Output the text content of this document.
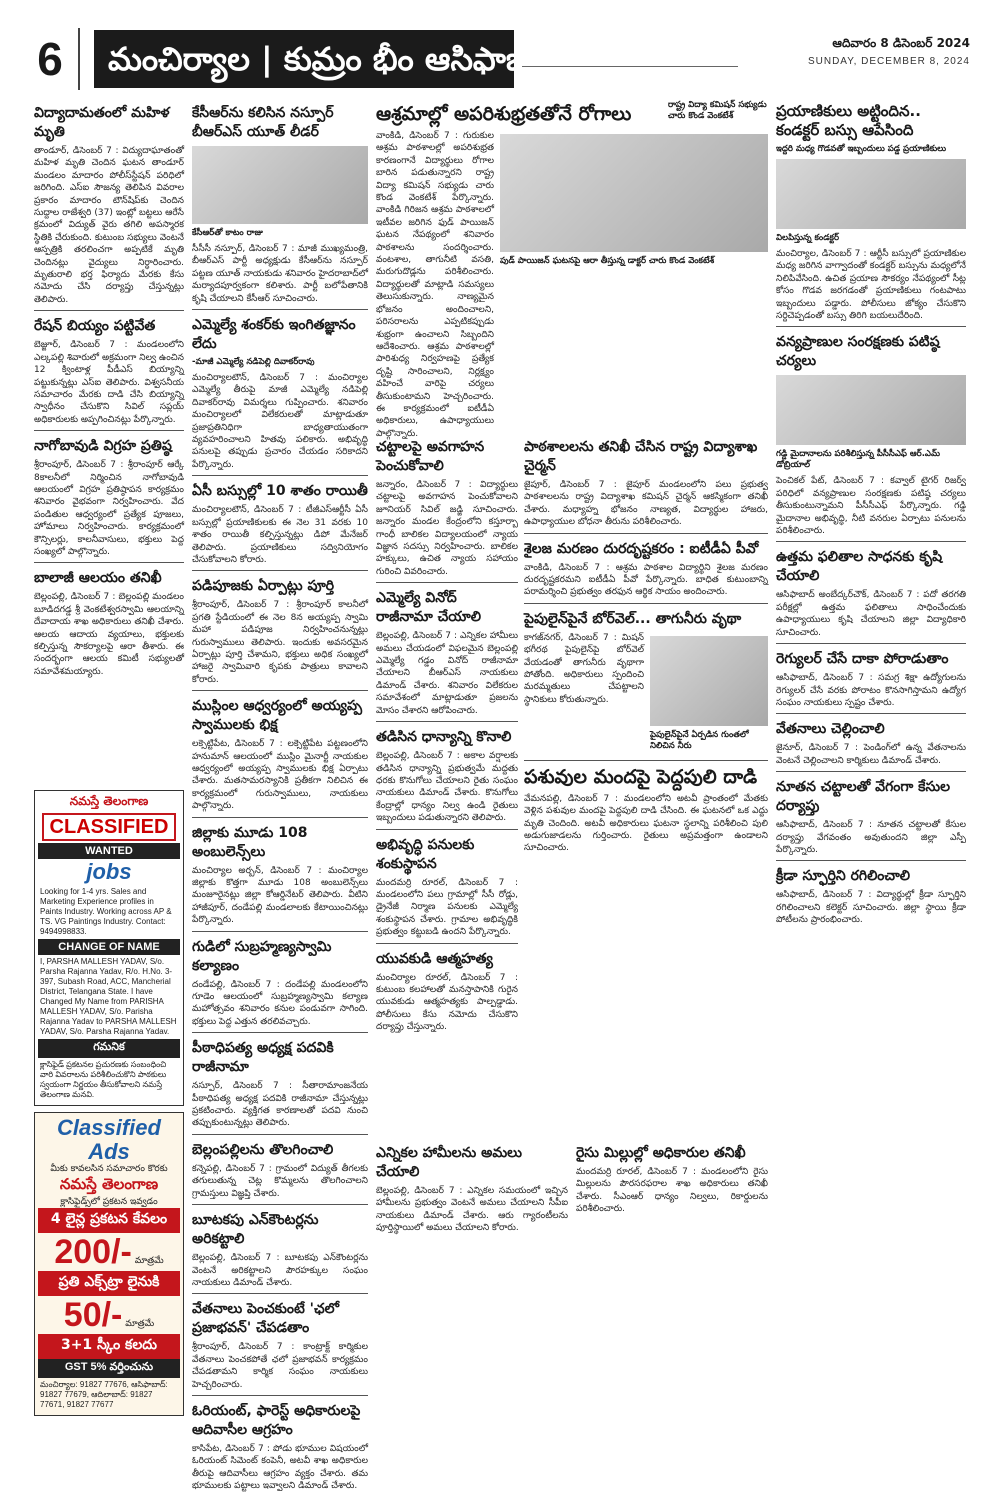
6	మంచిర్యాల | కుమ్రం భీం ఆసిఫాబాద్	ఆదివారం 8 డిసెంబర్ 2024
SUNDAY, DECEMBER 8, 2024
విద్యాదామతంలో మహిళ మృతి
తాండూర్, డిసెంబర్ 7 : విద్యుదాఘాతంతో మహిళ మృతి చెందిన ఘటన తాండూర్ మండలం మాదారం పోలీస్‌స్టేషన్ పరిధిలో జరిగింది. ఎస్ఐ సౌజన్య తెలిపిన వివరాల ప్రకారం మాదారం టౌన్‌షిప్‌కు చెందిన సుద్దాల రాజేశ్వరి (37) ఇంట్లో బట్టలు ఆరేసే క్రమంలో విద్యుత్ వైరు తగిలి అపస్మారక స్థితికి చేరుకుంది. కుటుంబ సభ్యులు వెంటనే ఆస్పత్రికి తరలించగా అప్పటికే మృతి చెందినట్లు వైద్యులు నిర్ధారించారు. మృతురాలి భర్త ఫిర్యాదు మేరకు కేసు నమోదు చేసి దర్యాప్తు చేస్తున్నట్లు తెలిపారు.
రేషన్ బియ్యం పట్టివేత
బెజ్జూర్, డిసెంబర్ 7 : మండలంలోని ఎల్కపల్లి శివారులో అక్రమంగా నిల్వ ఉంచిన 12 క్వింటాళ్ల పీడీఎస్ బియ్యాన్ని పట్టుకున్నట్లు ఎస్ఐ తెలిపారు. విశ్వసనీయ సమాచారం మేరకు దాడి చేసి బియ్యాన్ని స్వాధీనం చేసుకొని సివిల్ సప్లయ్ అధికారులకు అప్పగించినట్లు పేర్కొన్నారు.
నాగోబావుడి విగ్రహ ప్రతిష్ఠ
శ్రీరాంపూర్, డిసెంబర్ 7 : శ్రీరాంపూర్ ఆర్కే 8కాలనీలో నిర్మించిన నాగోబావుడి ఆలయంలో విగ్రహ ప్రతిష్ఠాపన కార్యక్రమం శనివారం వైభవంగా నిర్వహించారు. వేద పండితుల ఆధ్వర్యంలో ప్రత్యేక పూజలు, హోమాలు నిర్వహించారు. కార్యక్రమంలో కౌన్సిలర్లు, కాలనీవాసులు, భక్తులు పెద్ద సంఖ్యలో పాల్గొన్నారు.
బాలాజీ ఆలయం తనిఖీ
బెల్లంపల్లి, డిసెంబర్ 7 : బెల్లంపల్లి మండలం బూడిదగడ్డ శ్రీ వెంకటేశ్వరస్వామి ఆలయాన్ని దేవాదాయ శాఖ అధికారులు తనిఖీ చేశారు. ఆలయ ఆదాయ వ్యయాలు, భక్తులకు కల్పిస్తున్న సౌకర్యాలపై ఆరా తీశారు. ఈ సందర్భంగా ఆలయ కమిటీ సభ్యులతో సమావేశమయ్యారు.
నమస్తే తెలంగాణ
CLASSIFIED
WANTED
jobs
Looking for 1-4 yrs. Sales and Marketing Experience profiles in Paints Industry. Working across AP & TS. VG Paintings Industry. Contact: 9494998833.
CHANGE OF NAME
I, PARSHA MALLESH YADAV, S/o. Parsha Rajanna Yadav, R/o. H.No. 3-397, Subash Road, ACC, Mancherial District, Telangana State. I have Changed My Name from PARISHA MALLESH YADAV, S/o. Parisha Rajanna Yadav to PARSHA MALLESH YADAV, S/o. Parsha Rajanna Yadav.
గమనిక
క్లాసిఫైడ్ ప్రకటనల ప్రచురణకు సంబంధించి వారి వివరాలను పరిశీలించుకొని పాఠకులు స్వయంగా నిర్ణయం తీసుకోవాలని నమస్తే తెలంగాణ మనవి.
Classified Ads
మీకు కావలసిన సమాచారం కొరకు
నమస్తే తెలంగాణ
క్లాసిఫైడ్స్‌లో ప్రకటన ఇవ్వడం
4 లైన్ల ప్రకటన కేవలం
200/- మాత్రమే
ప్రతి ఎక్స్‌ట్రా లైనుకి
50/- మాత్రమే
3+1 స్కీం కలదు
GST 5% వర్తించును
మంచిర్యాల: 91827 77676, ఆసిఫాబాద్: 91827 77679, ఆదిలాబాద్: 91827 77671, 91827 77677
కేసీఆర్‌ను కలిసిన నస్పూర్ బీఆర్ఎస్ యూత్ లీడర్
కేసీఆర్‌తో కాటం రాజు
సీసీసీ నస్పూర్, డిసెంబర్ 7 : మాజీ ముఖ్యమంత్రి, బీఆర్ఎస్ పార్టీ అధ్యక్షుడు కేసీఆర్‌ను నస్పూర్ పట్టణ యూత్ నాయకుడు శనివారం హైదరాబాద్‌లో మర్యాదపూర్వకంగా కలిశారు. పార్టీ బలోపేతానికి కృషి చేయాలని కేసీఆర్ సూచించారు.
ఎమ్మెల్యే శంకర్‌కు ఇంగితజ్ఞానం లేదు
-మాజీ ఎమ్మెల్యే నడిపెల్లి దివాకర్‌రావు
మంచిర్యాలటౌన్, డిసెంబర్ 7 : మంచిర్యాల ఎమ్మెల్యే తీరుపై మాజీ ఎమ్మెల్యే నడిపెల్లి దివాకర్‌రావు విమర్శలు గుప్పించారు. శనివారం మంచిర్యాలలో విలేకరులతో మాట్లాడుతూ ప్రజాప్రతినిధిగా బాధ్యతాయుతంగా వ్యవహరించాలని హితవు పలికారు. అభివృద్ధి పనులపై తప్పుడు ప్రచారం చేయడం సరికాదని పేర్కొన్నారు.
ఏసీ బస్సుల్లో 10 శాతం రాయితీ
మంచిర్యాలటౌన్, డిసెంబర్ 7 : టీజీఎస్ఆర్టీసీ ఏసీ బస్సుల్లో ప్రయాణికులకు ఈ నెల 31 వరకు 10 శాతం రాయితీ కల్పిస్తున్నట్లు డిపో మేనేజర్ తెలిపారు. ప్రయాణికులు సద్వినియోగం చేసుకోవాలని కోరారు.
పడిపూజకు ఏర్పాట్లు పూర్తి
శ్రీరాంపూర్, డిసెంబర్ 7 : శ్రీరాంపూర్ కాలనీలో ప్రగతి స్టేడియంలో ఈ నెల 8న అయ్యప్ప స్వామి మహా పడిపూజ నిర్వహించనున్నట్లు గురుస్వాములు తెలిపారు. ఇందుకు అవసరమైన ఏర్పాట్లు పూర్తి చేశామని, భక్తులు అధిక సంఖ్యలో హాజరై స్వామివారి కృపకు పాత్రులు కావాలని కోరారు.
ముస్లింల ఆధ్వర్యంలో అయ్యప్ప స్వాములకు భిక్ష
లక్సెట్టిపేట, డిసెంబర్ 7 : లక్సెట్టిపేట పట్టణంలోని హనుమాన్ ఆలయంలో ముస్లిం మైనార్టీ నాయకుల ఆధ్వర్యంలో అయ్యప్ప స్వాములకు భిక్ష ఏర్పాటు చేశారు. మతసామరస్యానికి ప్రతీకగా నిలిచిన ఈ కార్యక్రమంలో గురుస్వాములు, నాయకులు పాల్గొన్నారు.
జిల్లాకు మూడు 108 అంబులెన్స్‌లు
మంచిర్యాల అర్బన్, డిసెంబర్ 7 : మంచిర్యాల జిల్లాకు కొత్తగా మూడు 108 అంబులెన్స్‌లు మంజూరైనట్లు జిల్లా కోఆర్డినేటర్ తెలిపారు. వీటిని హాజీపూర్, దండేపల్లి మండలాలకు కేటాయించినట్లు పేర్కొన్నారు.
గుడిలో సుబ్రహ్మణ్యస్వామి కల్యాణం
దండేపల్లి, డిసెంబర్ 7 : దండేపల్లి మండలంలోని గూడెం ఆలయంలో సుబ్రహ్మణ్యస్వామి కల్యాణ మహోత్సవం శనివారం కనుల పండువగా సాగింది. భక్తులు పెద్ద ఎత్తున తరలివచ్చారు.
పీఠాధిపత్య అధ్యక్ష పదవికి రాజీనామా
నస్పూర్, డిసెంబర్ 7 : సీతారామాంజనేయ పీఠాధిపత్య అధ్యక్ష పదవికి రాజీనామా చేస్తున్నట్లు ప్రకటించారు. వ్యక్తిగత కారణాలతో పదవి నుంచి తప్పుకుంటున్నట్లు తెలిపారు.
బెల్లంపల్లిలను తొలగించాలి
కన్నెపల్లి, డిసెంబర్ 7 : గ్రామంలో విద్యుత్ తీగలకు తగులుతున్న చెట్ల కొమ్మలను తొలగించాలని గ్రామస్తులు విజ్ఞప్తి చేశారు.
బూటకపు ఎన్‌కౌంటర్లను అరికట్టాలి
బెల్లంపల్లి, డిసెంబర్ 7 : బూటకపు ఎన్‌కౌంటర్లను వెంటనే అరికట్టాలని పౌరహక్కుల సంఘం నాయకులు డిమాండ్ చేశారు.
వేతనాలు పెంచకుంటే 'ఛలో ప్రజాభవన్' చేపడతాం
శ్రీరాంపూర్, డిసెంబర్ 7 : కాంట్రాక్ట్ కార్మికుల వేతనాలు పెంచకపోతే ఛలో ప్రజాభవన్ కార్యక్రమం చేపడతామని కార్మిక సంఘం నాయకులు హెచ్చరించారు.
ఓరియంట్, ఫారెస్ట్ అధికారులపై ఆదివాసీల ఆగ్రహం
కాసిపేట, డిసెంబర్ 7 : పోడు భూముల విషయంలో ఓరియంట్ సిమెంట్ కంపెనీ, అటవీ శాఖ అధికారుల తీరుపై ఆదివాసీలు ఆగ్రహం వ్యక్తం చేశారు. తమ భూములకు పట్టాలు ఇవ్వాలని డిమాండ్ చేశారు.
ఆశ్రమాల్లో అపరిశుభ్రతతోనే రోగాలు	రాష్ట్ర విద్యా కమిషన్ సభ్యుడు చారు కొండ వెంకటేశ్
వాంకిడి, డిసెంబర్ 7 : గురుకుల ఆశ్రమ పాఠశాలల్లో అపరిశుభ్రత కారణంగానే విద్యార్థులు రోగాల బారిన పడుతున్నారని రాష్ట్ర విద్యా కమిషన్ సభ్యుడు చారు కొండ వెంకటేశ్ పేర్కొన్నారు. వాంకిడి గిరిజన ఆశ్రమ పాఠశాలలో ఇటీవల జరిగిన ఫుడ్ పాయిజన్ ఘటన నేపథ్యంలో శనివారం పాఠశాలను సందర్శించారు. వంటశాల, తాగునీటి వసతి, మరుగుదొడ్లను పరిశీలించారు. విద్యార్థులతో మాట్లాడి సమస్యలు తెలుసుకున్నారు. నాణ్యమైన భోజనం అందించాలని, పరిసరాలను ఎప్పటికప్పుడు శుభ్రంగా ఉంచాలని సిబ్బందిని ఆదేశించారు. ఆశ్రమ పాఠశాలల్లో పారిశుధ్య నిర్వహణపై ప్రత్యేక దృష్టి సారించాలని, నిర్లక్ష్యం వహించే వారిపై చర్యలు తీసుకుంటామని హెచ్చరించారు. ఈ కార్యక్రమంలో ఐటీడీఏ అధికారులు, ఉపాధ్యాయులు పాల్గొన్నారు.
పుడ్ పాయిజన్ ఘటనపై ఆరా తీస్తున్న డాక్టర్ చారు కొండ వెంకటేశ్
చట్టాలపై అవగాహన పెంచుకోవాలి
జన్నారం, డిసెంబర్ 7 : విద్యార్థులు చట్టాలపై అవగాహన పెంచుకోవాలని జూనియర్ సివిల్ జడ్జి సూచించారు. జన్నారం మండల కేంద్రంలోని కస్తూర్బా గాంధీ బాలికల విద్యాలయంలో న్యాయ విజ్ఞాన సదస్సు నిర్వహించారు. బాలికల హక్కులు, ఉచిత న్యాయ సహాయం గురించి వివరించారు.
ఎమ్మెల్యే వినోద్ రాజీనామా చేయాలి
బెల్లంపల్లి, డిసెంబర్ 7 : ఎన్నికల హామీలు అమలు చేయడంలో విఫలమైన బెల్లంపల్లి ఎమ్మెల్యే గడ్డం వినోద్ రాజీనామా చేయాలని బీఆర్ఎస్ నాయకులు డిమాండ్ చేశారు. శనివారం విలేకరుల సమావేశంలో మాట్లాడుతూ ప్రజలను మోసం చేశారని ఆరోపించారు.
తడిసిన ధాన్యాన్ని కొనాలి
బెల్లంపల్లి, డిసెంబర్ 7 : అకాల వర్షాలకు తడిసిన ధాన్యాన్ని ప్రభుత్వమే మద్దతు ధరకు కొనుగోలు చేయాలని రైతు సంఘం నాయకులు డిమాండ్ చేశారు. కొనుగోలు కేంద్రాల్లో ధాన్యం నిల్వ ఉండి రైతులు ఇబ్బందులు పడుతున్నారని తెలిపారు.
అభివృద్ధి పనులకు శంకుస్థాపన
మందమర్రి రూరల్, డిసెంబర్ 7 : మండలంలోని పలు గ్రామాల్లో సీసీ రోడ్లు, డ్రైనేజీ నిర్మాణ పనులకు ఎమ్మెల్యే శంకుస్థాపన చేశారు. గ్రామాల అభివృద్ధికి ప్రభుత్వం కట్టుబడి ఉందని పేర్కొన్నారు.
యువకుడి ఆత్మహత్య
మంచిర్యాల రూరల్, డిసెంబర్ 7 : కుటుంబ కలహాలతో మనస్తాపానికి గురైన యువకుడు ఆత్మహత్యకు పాల్పడ్డాడు. పోలీసులు కేసు నమోదు చేసుకొని దర్యాప్తు చేస్తున్నారు.
పాఠశాలలను తనిఖీ చేసిన రాష్ట్ర విద్యాశాఖ చైర్మన్
జైపూర్, డిసెంబర్ 7 : జైపూర్ మండలంలోని పలు ప్రభుత్వ పాఠశాలలను రాష్ట్ర విద్యాశాఖ కమిషన్ చైర్మన్ ఆకస్మికంగా తనిఖీ చేశారు. మధ్యాహ్న భోజనం నాణ్యత, విద్యార్థుల హాజరు, ఉపాధ్యాయుల బోధనా తీరును పరిశీలించారు.
శైలజ మరణం దురదృష్టకరం : ఐటీడీఏ పీవో
వాంకిడి, డిసెంబర్ 7 : ఆశ్రమ పాఠశాల విద్యార్థిని శైలజ మరణం దురదృష్టకరమని ఐటీడీఏ పీవో పేర్కొన్నారు. బాధిత కుటుంబాన్ని పరామర్శించి ప్రభుత్వం తరఫున ఆర్థిక సాయం అందించారు.
పైపులైన్‌పైనే బోర్‌వెల్... తాగునీరు వృథా
కాగజ్‌నగర్, డిసెంబర్ 7 : మిషన్ భగీరథ పైపులైన్‌పై బోర్‌వెల్ వేయడంతో తాగునీరు వృథాగా పోతోంది. అధికారులు స్పందించి మరమ్మతులు చేపట్టాలని స్థానికులు కోరుతున్నారు.
పైపులైన్‌పైనే ఏర్పడిన గుంతలో నిలిచిన నీరు
పశువుల మందపై పెద్దపులి దాడి
వేమనపల్లి, డిసెంబర్ 7 : మండలంలోని అటవీ ప్రాంతంలో మేతకు వెళ్లిన పశువుల మందపై పెద్దపులి దాడి చేసింది. ఈ ఘటనలో ఒక ఎద్దు మృతి చెందింది. అటవీ అధికారులు ఘటనా స్థలాన్ని పరిశీలించి పులి అడుగుజాడలను గుర్తించారు. రైతులు అప్రమత్తంగా ఉండాలని సూచించారు.
ఎన్నికల హామీలను అమలు చేయాలి
బెల్లంపల్లి, డిసెంబర్ 7 : ఎన్నికల సమయంలో ఇచ్చిన హామీలను ప్రభుత్వం వెంటనే అమలు చేయాలని సీపీఐ నాయకులు డిమాండ్ చేశారు. ఆరు గ్యారంటీలను పూర్తిస్థాయిలో అమలు చేయాలని కోరారు.
రైసు మిల్లుల్లో అధికారుల తనిఖీ
మందమర్రి రూరల్, డిసెంబర్ 7 : మండలంలోని రైసు మిల్లులను పౌరసరఫరాల శాఖ అధికారులు తనిఖీ చేశారు. సీఎంఆర్ ధాన్యం నిల్వలు, రికార్డులను పరిశీలించారు.
ప్రయాణికులు అట్టిందిన.. కండక్టర్ బస్సు ఆపేసింది
ఇద్దరి మధ్య గొడవతో ఇబ్బందులు పడ్డ ప్రయాణికులు
విలపిస్తున్న కండక్టర్
మంచిర్యాల, డిసెంబర్ 7 : ఆర్టీసీ బస్సులో ప్రయాణికుల మధ్య జరిగిన వాగ్వాదంతో కండక్టర్ బస్సును మధ్యలోనే నిలిపివేసింది. ఉచిత ప్రయాణ సౌకర్యం నేపథ్యంలో సీట్ల కోసం గొడవ జరగడంతో ప్రయాణికులు గంటపాటు ఇబ్బందులు పడ్డారు. పోలీసులు జోక్యం చేసుకొని సర్దిచెప్పడంతో బస్సు తిరిగి బయలుదేరింది.
వన్యప్రాణుల సంరక్షణకు పటిష్ఠ చర్యలు
గడ్డి మైదానాలను పరిశీలిస్తున్న పీసీసీఎఫ్ ఆర్.ఎమ్ డోబ్రియాల్
పెంచికల్ పేట్, డిసెంబర్ 7 : కవ్వాల్ టైగర్ రిజర్వ్ పరిధిలో వన్యప్రాణుల సంరక్షణకు పటిష్ఠ చర్యలు తీసుకుంటున్నామని పీసీసీఎఫ్ పేర్కొన్నారు. గడ్డి మైదానాల అభివృద్ధి, నీటి వనరుల ఏర్పాటు పనులను పరిశీలించారు.
ఉత్తమ ఫలితాల సాధనకు కృషి చేయాలి
ఆసిఫాబాద్ అంబేద్కర్‌చౌక్, డిసెంబర్ 7 : పదో తరగతి పరీక్షల్లో ఉత్తమ ఫలితాలు సాధించేందుకు ఉపాధ్యాయులు కృషి చేయాలని జిల్లా విద్యాధికారి సూచించారు.
రెగ్యులర్ చేసే దాకా పోరాడుతాం
ఆసిఫాబాద్, డిసెంబర్ 7 : సమగ్ర శిక్షా ఉద్యోగులను రెగ్యులర్ చేసే వరకు పోరాటం కొనసాగిస్తామని ఉద్యోగ సంఘం నాయకులు స్పష్టం చేశారు.
వేతనాలు చెల్లించాలి
జైనూర్, డిసెంబర్ 7 : పెండింగ్‌లో ఉన్న వేతనాలను వెంటనే చెల్లించాలని కార్మికులు డిమాండ్ చేశారు.
నూతన చట్టాలతో వేగంగా కేసుల దర్యాప్తు
ఆసిఫాబాద్, డిసెంబర్ 7 : నూతన చట్టాలతో కేసుల దర్యాప్తు వేగవంతం అవుతుందని జిల్లా ఎస్పీ పేర్కొన్నారు.
క్రీడా స్ఫూర్తిని రగిలించాలి
ఆసిఫాబాద్, డిసెంబర్ 7 : విద్యార్థుల్లో క్రీడా స్ఫూర్తిని రగిలించాలని కలెక్టర్ సూచించారు. జిల్లా స్థాయి క్రీడా పోటీలను ప్రారంభించారు.
